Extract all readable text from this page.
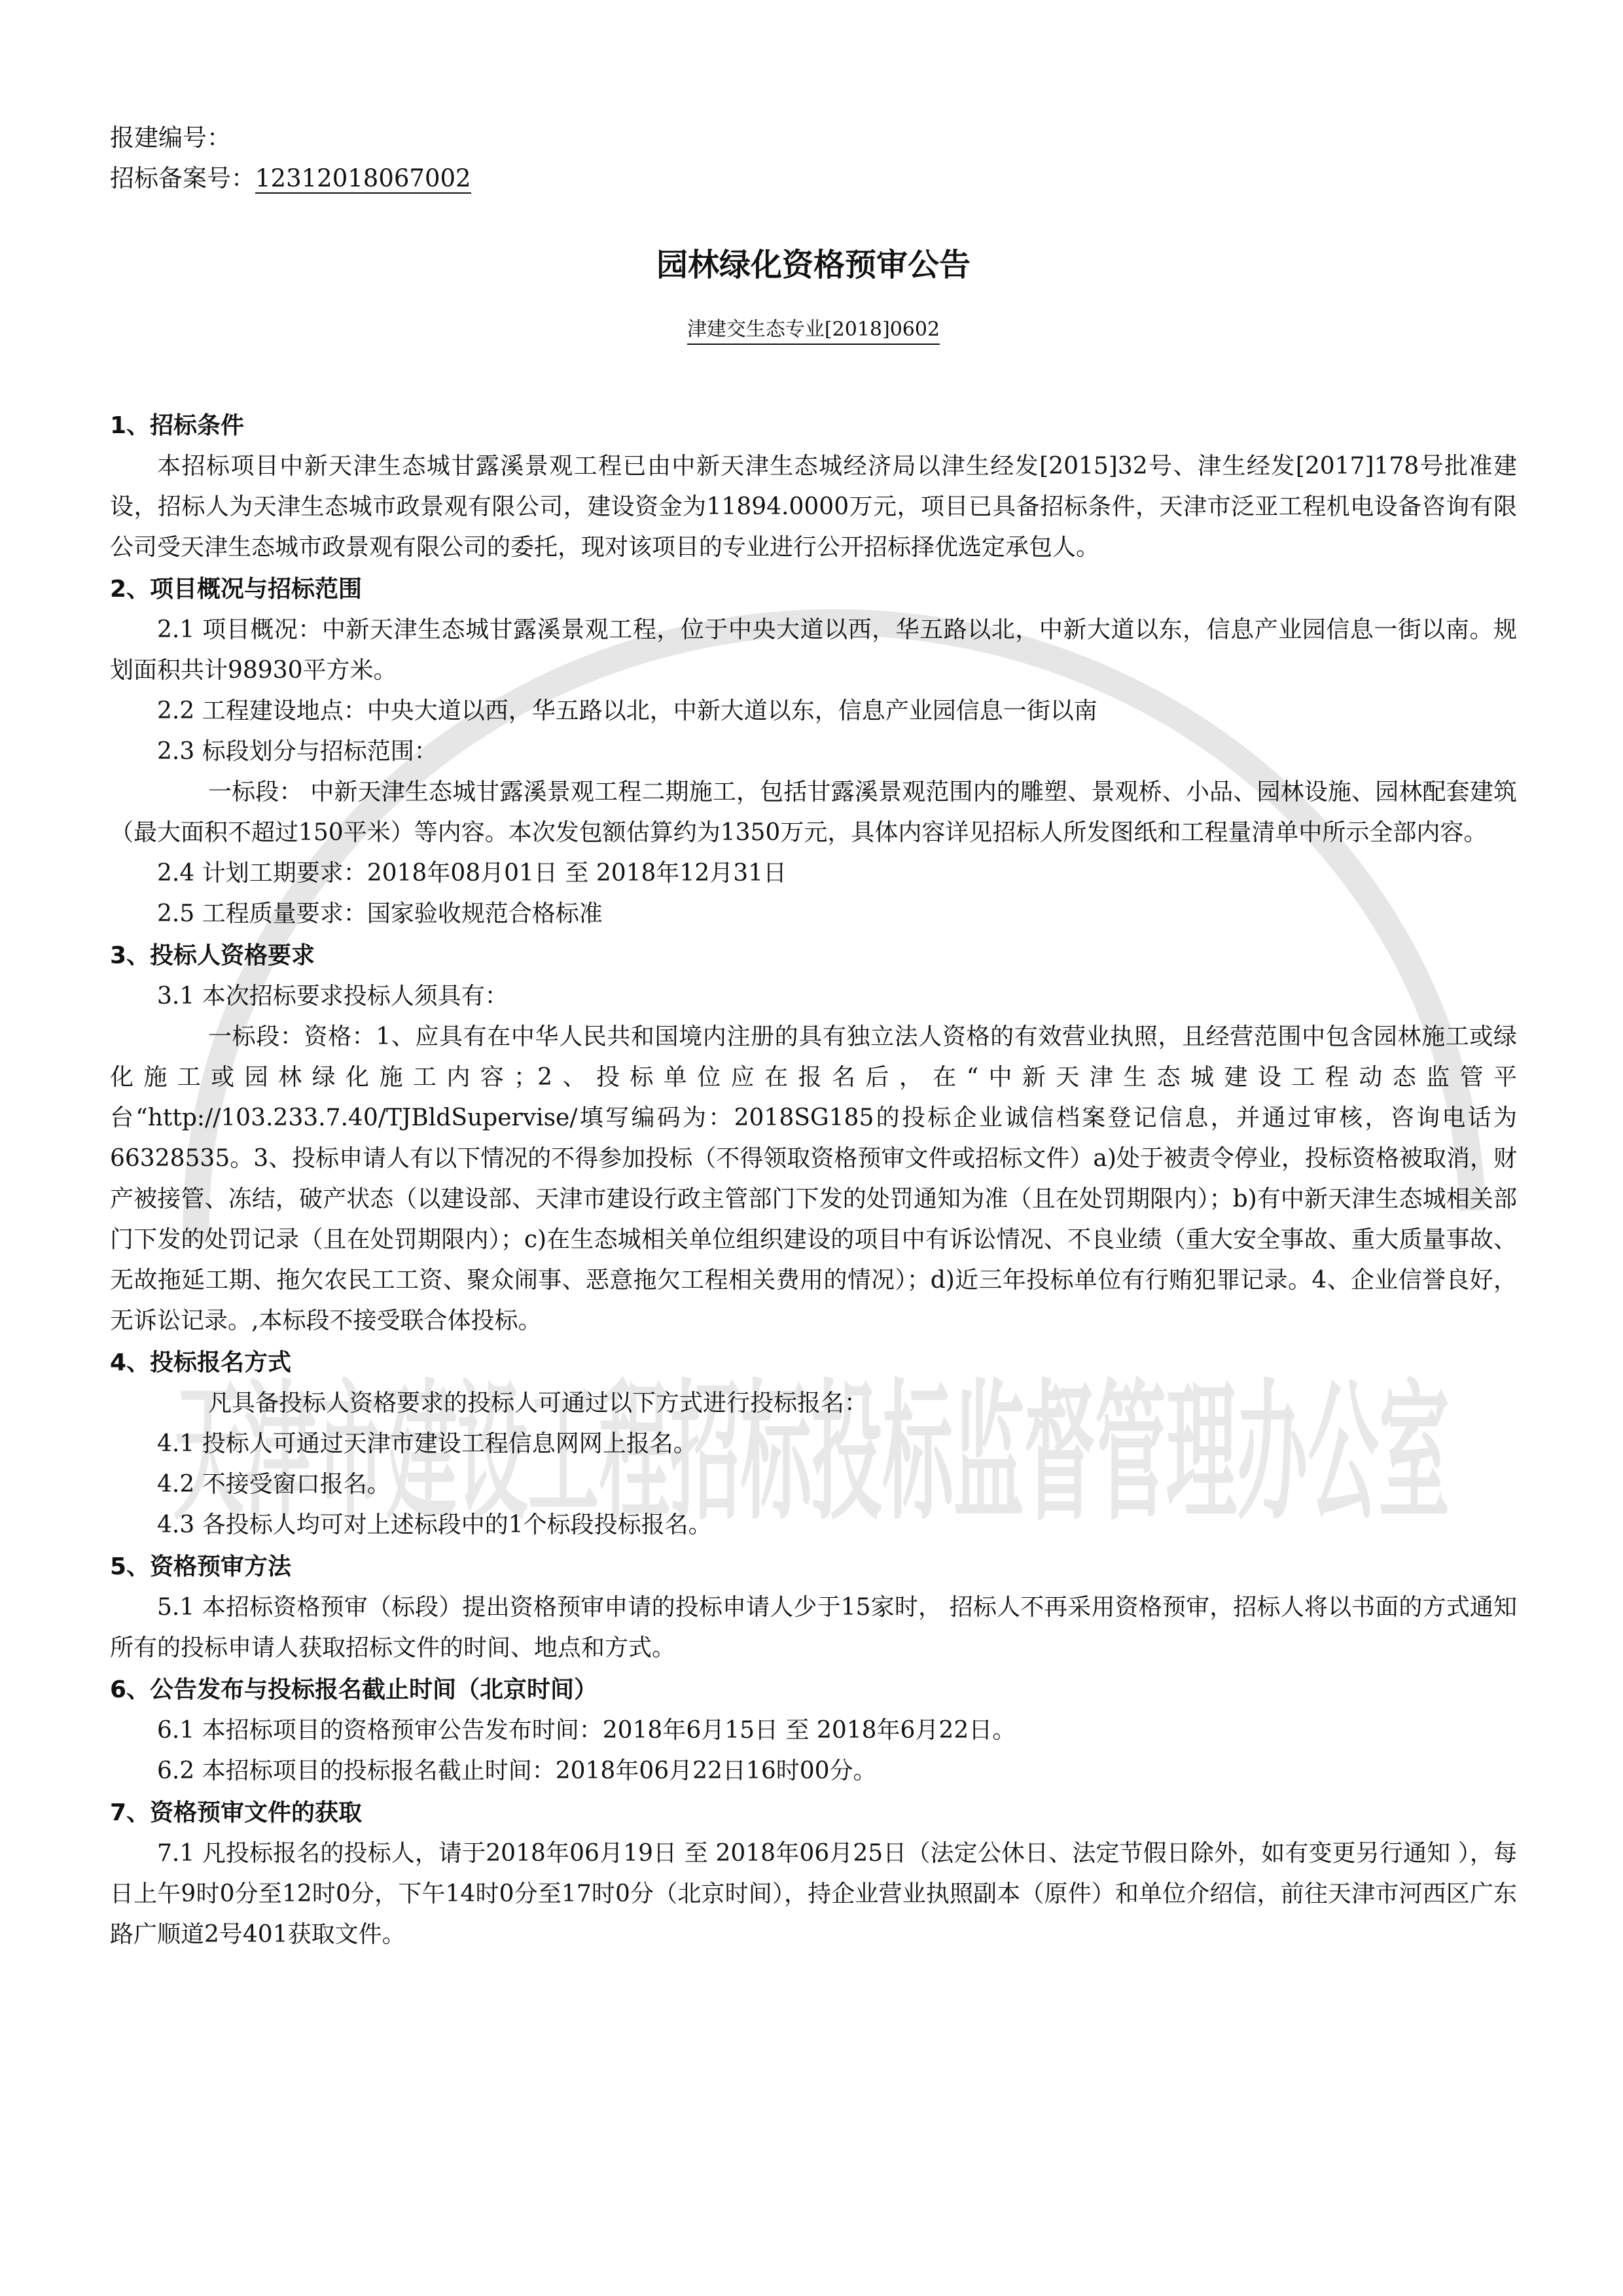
天津市建设工程招标投标监督管理办公室
报建编号：
招标备案号：12312018067002
园林绿化资格预审公告
津建交生态专业[2018]0602
1、招标条件
本招标项目中新天津生态城甘露溪景观工程已由中新天津生态城经济局以津生经发[2015]32号、津生经发[2017]178号批准建设，招标人为天津生态城市政景观有限公司，建设资金为11894.0000万元，项目已具备招标条件，天津市泛亚工程机电设备咨询有限公司受天津生态城市政景观有限公司的委托，现对该项目的专业进行公开招标择优选定承包人。
2、项目概况与招标范围
2.1 项目概况：中新天津生态城甘露溪景观工程，位于中央大道以西，华五路以北，中新大道以东，信息产业园信息一街以南。规划面积共计98930平方米。
2.2 工程建设地点：中央大道以西，华五路以北，中新大道以东，信息产业园信息一街以南
2.3 标段划分与招标范围：
一标段： 中新天津生态城甘露溪景观工程二期施工，包括甘露溪景观范围内的雕塑、景观桥、小品、园林设施、园林配套建筑（最大面积不超过150平米）等内容。本次发包额估算约为1350万元，具体内容详见招标人所发图纸和工程量清单中所示全部内容。
2.4 计划工期要求：2018年08月01日 至 2018年12月31日
2.5 工程质量要求：国家验收规范合格标准
3、投标人资格要求
3.1 本次招标要求投标人须具有：
一标段：资格：1、应具有在中华人民共和国境内注册的具有独立法人资格的有效营业执照，且经营范围中包含园林施工或绿化施工或园林绿化施工内容；2、投标单位应在报名后，在“中新天津生态城建设工程动态监管平台“http://103.233.7.40/TJBldSupervise/填写编码为：2018SG185的投标企业诚信档案登记信息，并通过审核，咨询电话为66328535。3、投标申请人有以下情况的不得参加投标（不得领取资格预审文件或招标文件）a)处于被责令停业，投标资格被取消，财产被接管、冻结，破产状态（以建设部、天津市建设行政主管部门下发的处罚通知为准（且在处罚期限内）；b)有中新天津生态城相关部门下发的处罚记录（且在处罚期限内）；c)在生态城相关单位组织建设的项目中有诉讼情况、不良业绩（重大安全事故、重大质量事故、无故拖延工期、拖欠农民工工资、聚众闹事、恶意拖欠工程相关费用的情况）；d)近三年投标单位有行贿犯罪记录。4、企业信誉良好，无诉讼记录。,本标段不接受联合体投标。
4、投标报名方式
凡具备投标人资格要求的投标人可通过以下方式进行投标报名：
4.1 投标人可通过天津市建设工程信息网网上报名。
4.2 不接受窗口报名。
4.3 各投标人均可对上述标段中的1个标段投标报名。
5、资格预审方法
5.1 本招标资格预审（标段）提出资格预审申请的投标申请人少于15家时， 招标人不再采用资格预审，招标人将以书面的方式通知所有的投标申请人获取招标文件的时间、地点和方式。
6、公告发布与投标报名截止时间（北京时间）
6.1 本招标项目的资格预审公告发布时间：2018年6月15日 至 2018年6月22日。
6.2 本招标项目的投标报名截止时间：2018年06月22日16时00分。
7、资格预审文件的获取
7.1 凡投标报名的投标人，请于2018年06月19日 至 2018年06月25日（法定公休日、法定节假日除外，如有变更另行通知 ），每日上午9时0分至12时0分，下午14时0分至17时0分（北京时间），持企业营业执照副本（原件）和单位介绍信，前往天津市河西区广东路广顺道2号401获取文件。
